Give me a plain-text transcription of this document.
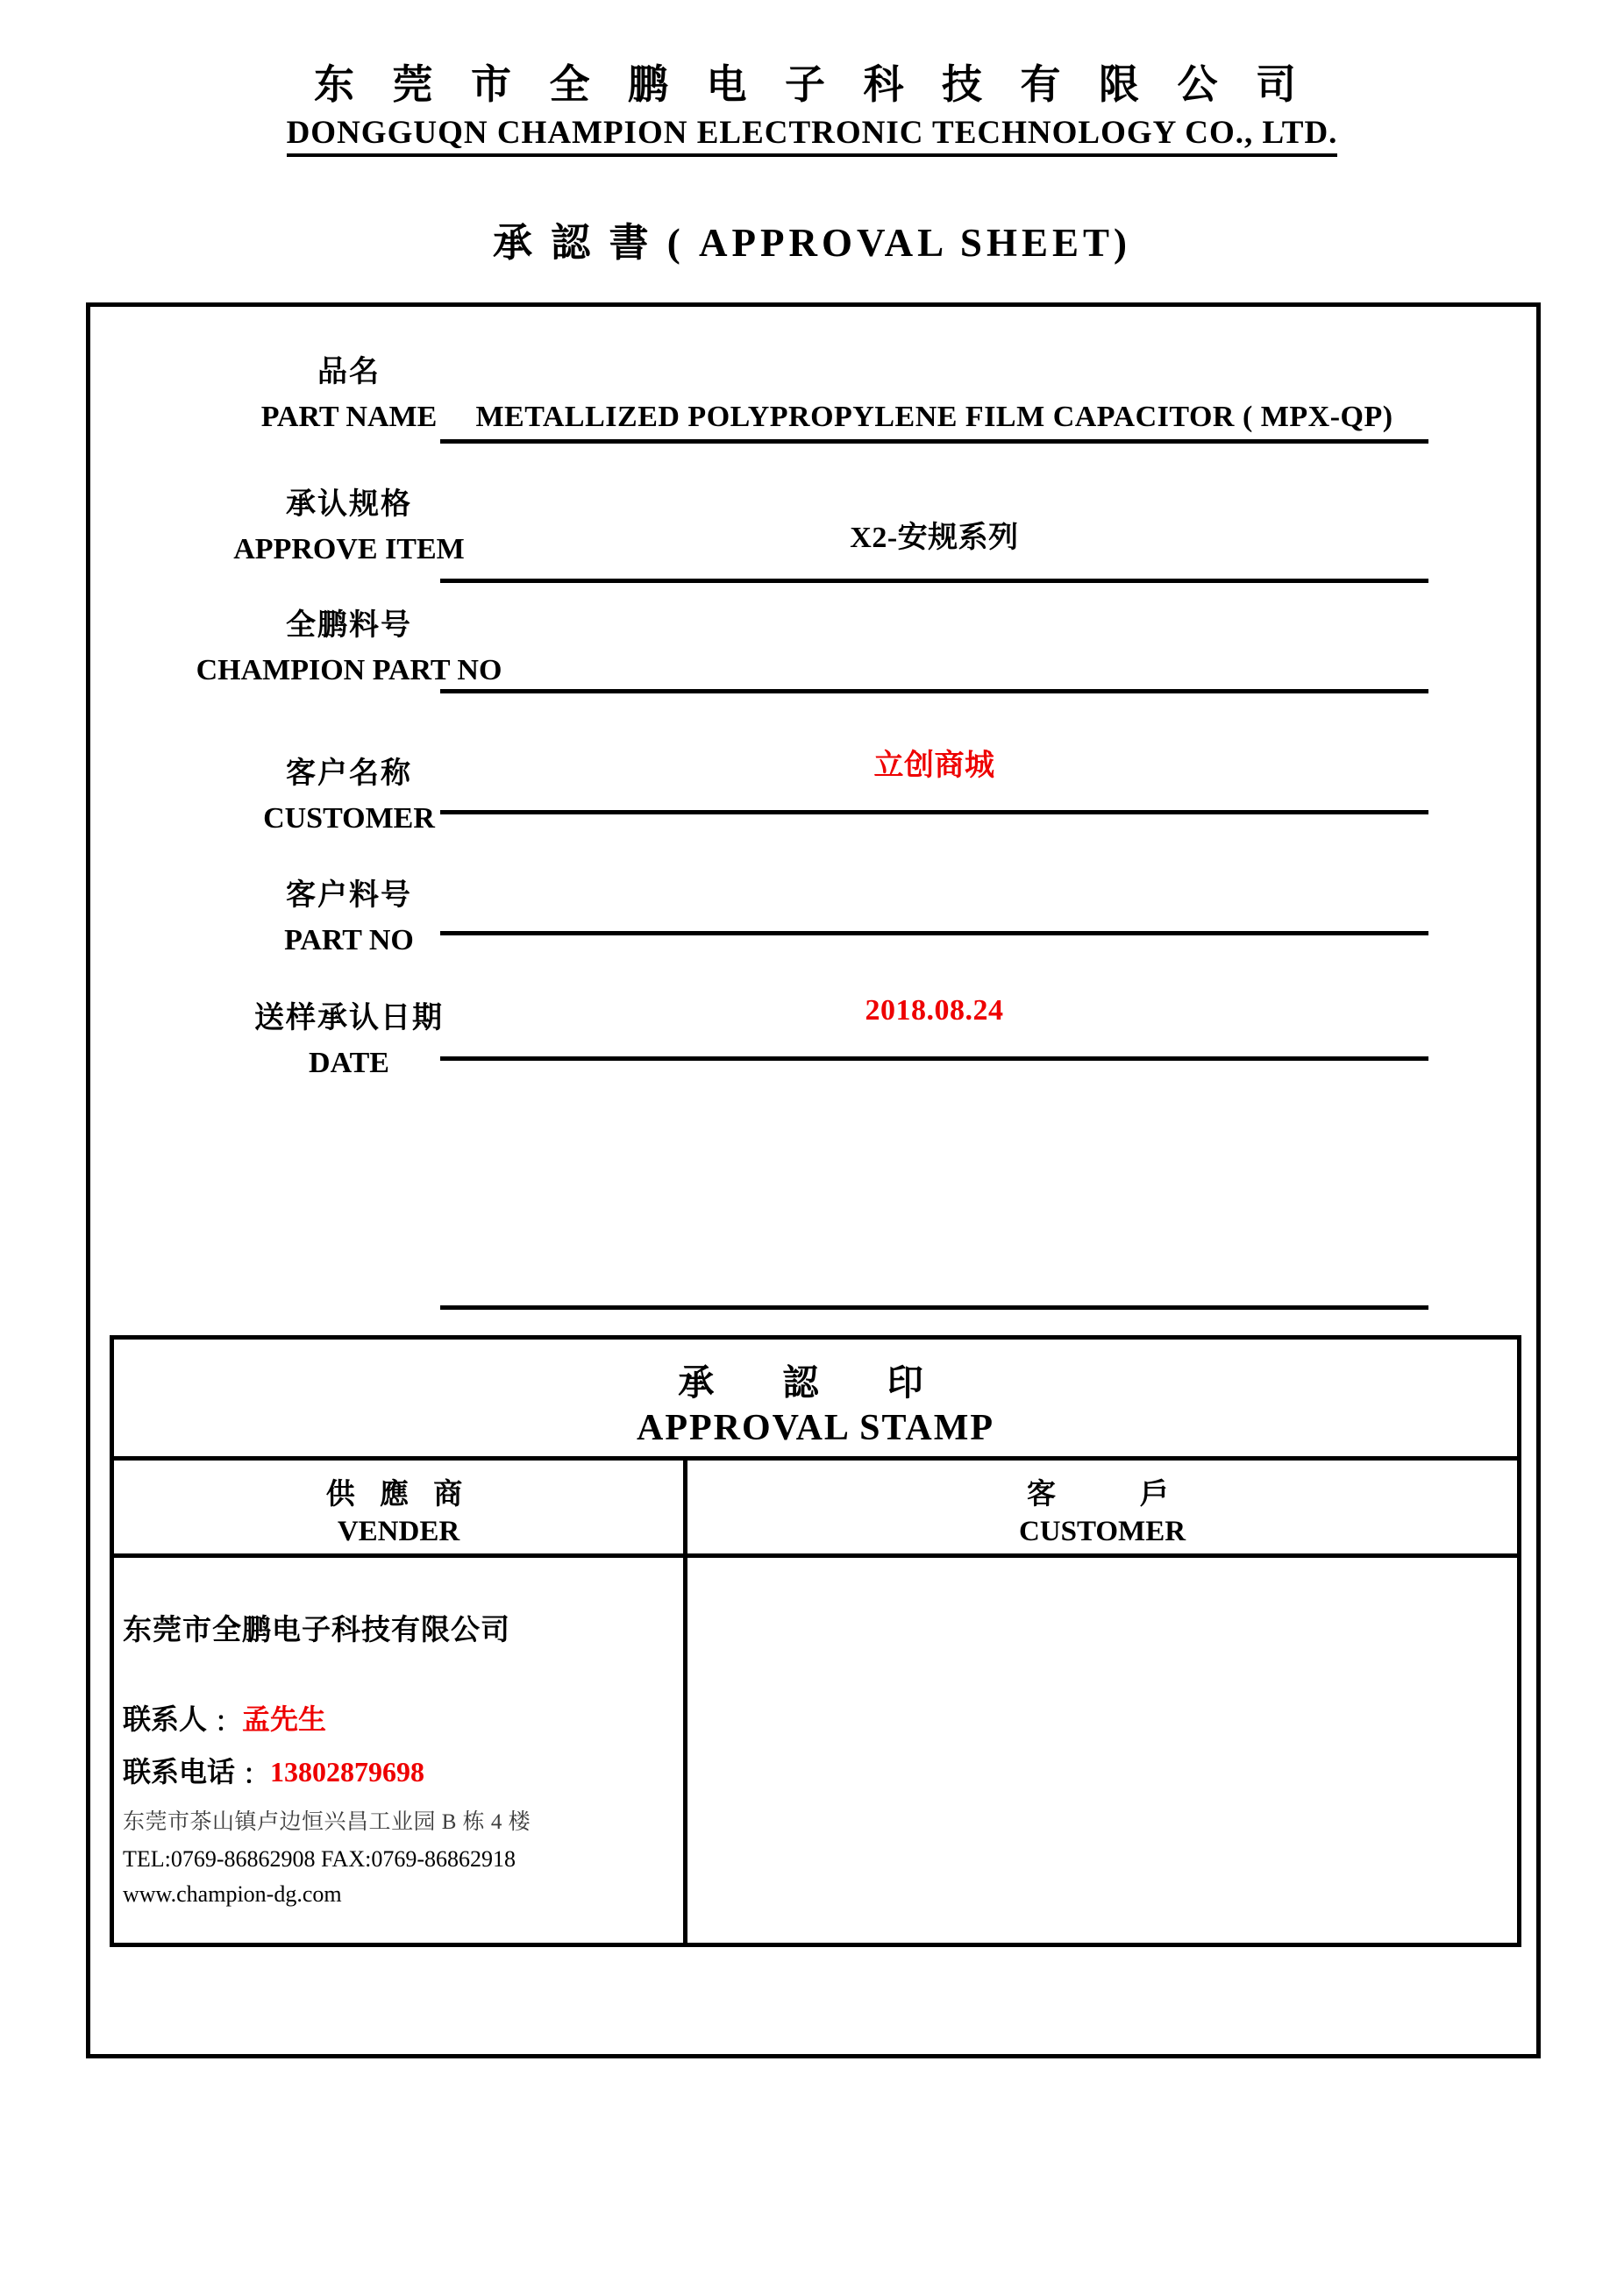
东 莞 市 全 鹏 电 子 科 技 有 限 公 司
DONGGUQN CHAMPION ELECTRONIC TECHNOLOGY CO., LTD.
承 認 書 ( APPROVAL SHEET)
品名
PART NAME	METALLIZED POLYPROPYLENE FILM CAPACITOR ( MPX-QP)
承认规格
APPROVE ITEM	X2-安规系列
全鹏料号
CHAMPION PART NO
客户名称
CUSTOMER
立创商城
客户料号
PART NO
送样承认日期
DATE
2018.08.24
承 認 印
APPROVAL STAMP
供 應 商
VENDER
客　　戶
CUSTOMER
东莞市全鹏电子科技有限公司
联系人﹕ 孟先生
联系电话﹕ 13802879698
东莞市茶山镇卢边恒兴昌工业园 B 栋 4 楼
TEL:0769-86862908 FAX:0769-86862918
www.champion-dg.com
